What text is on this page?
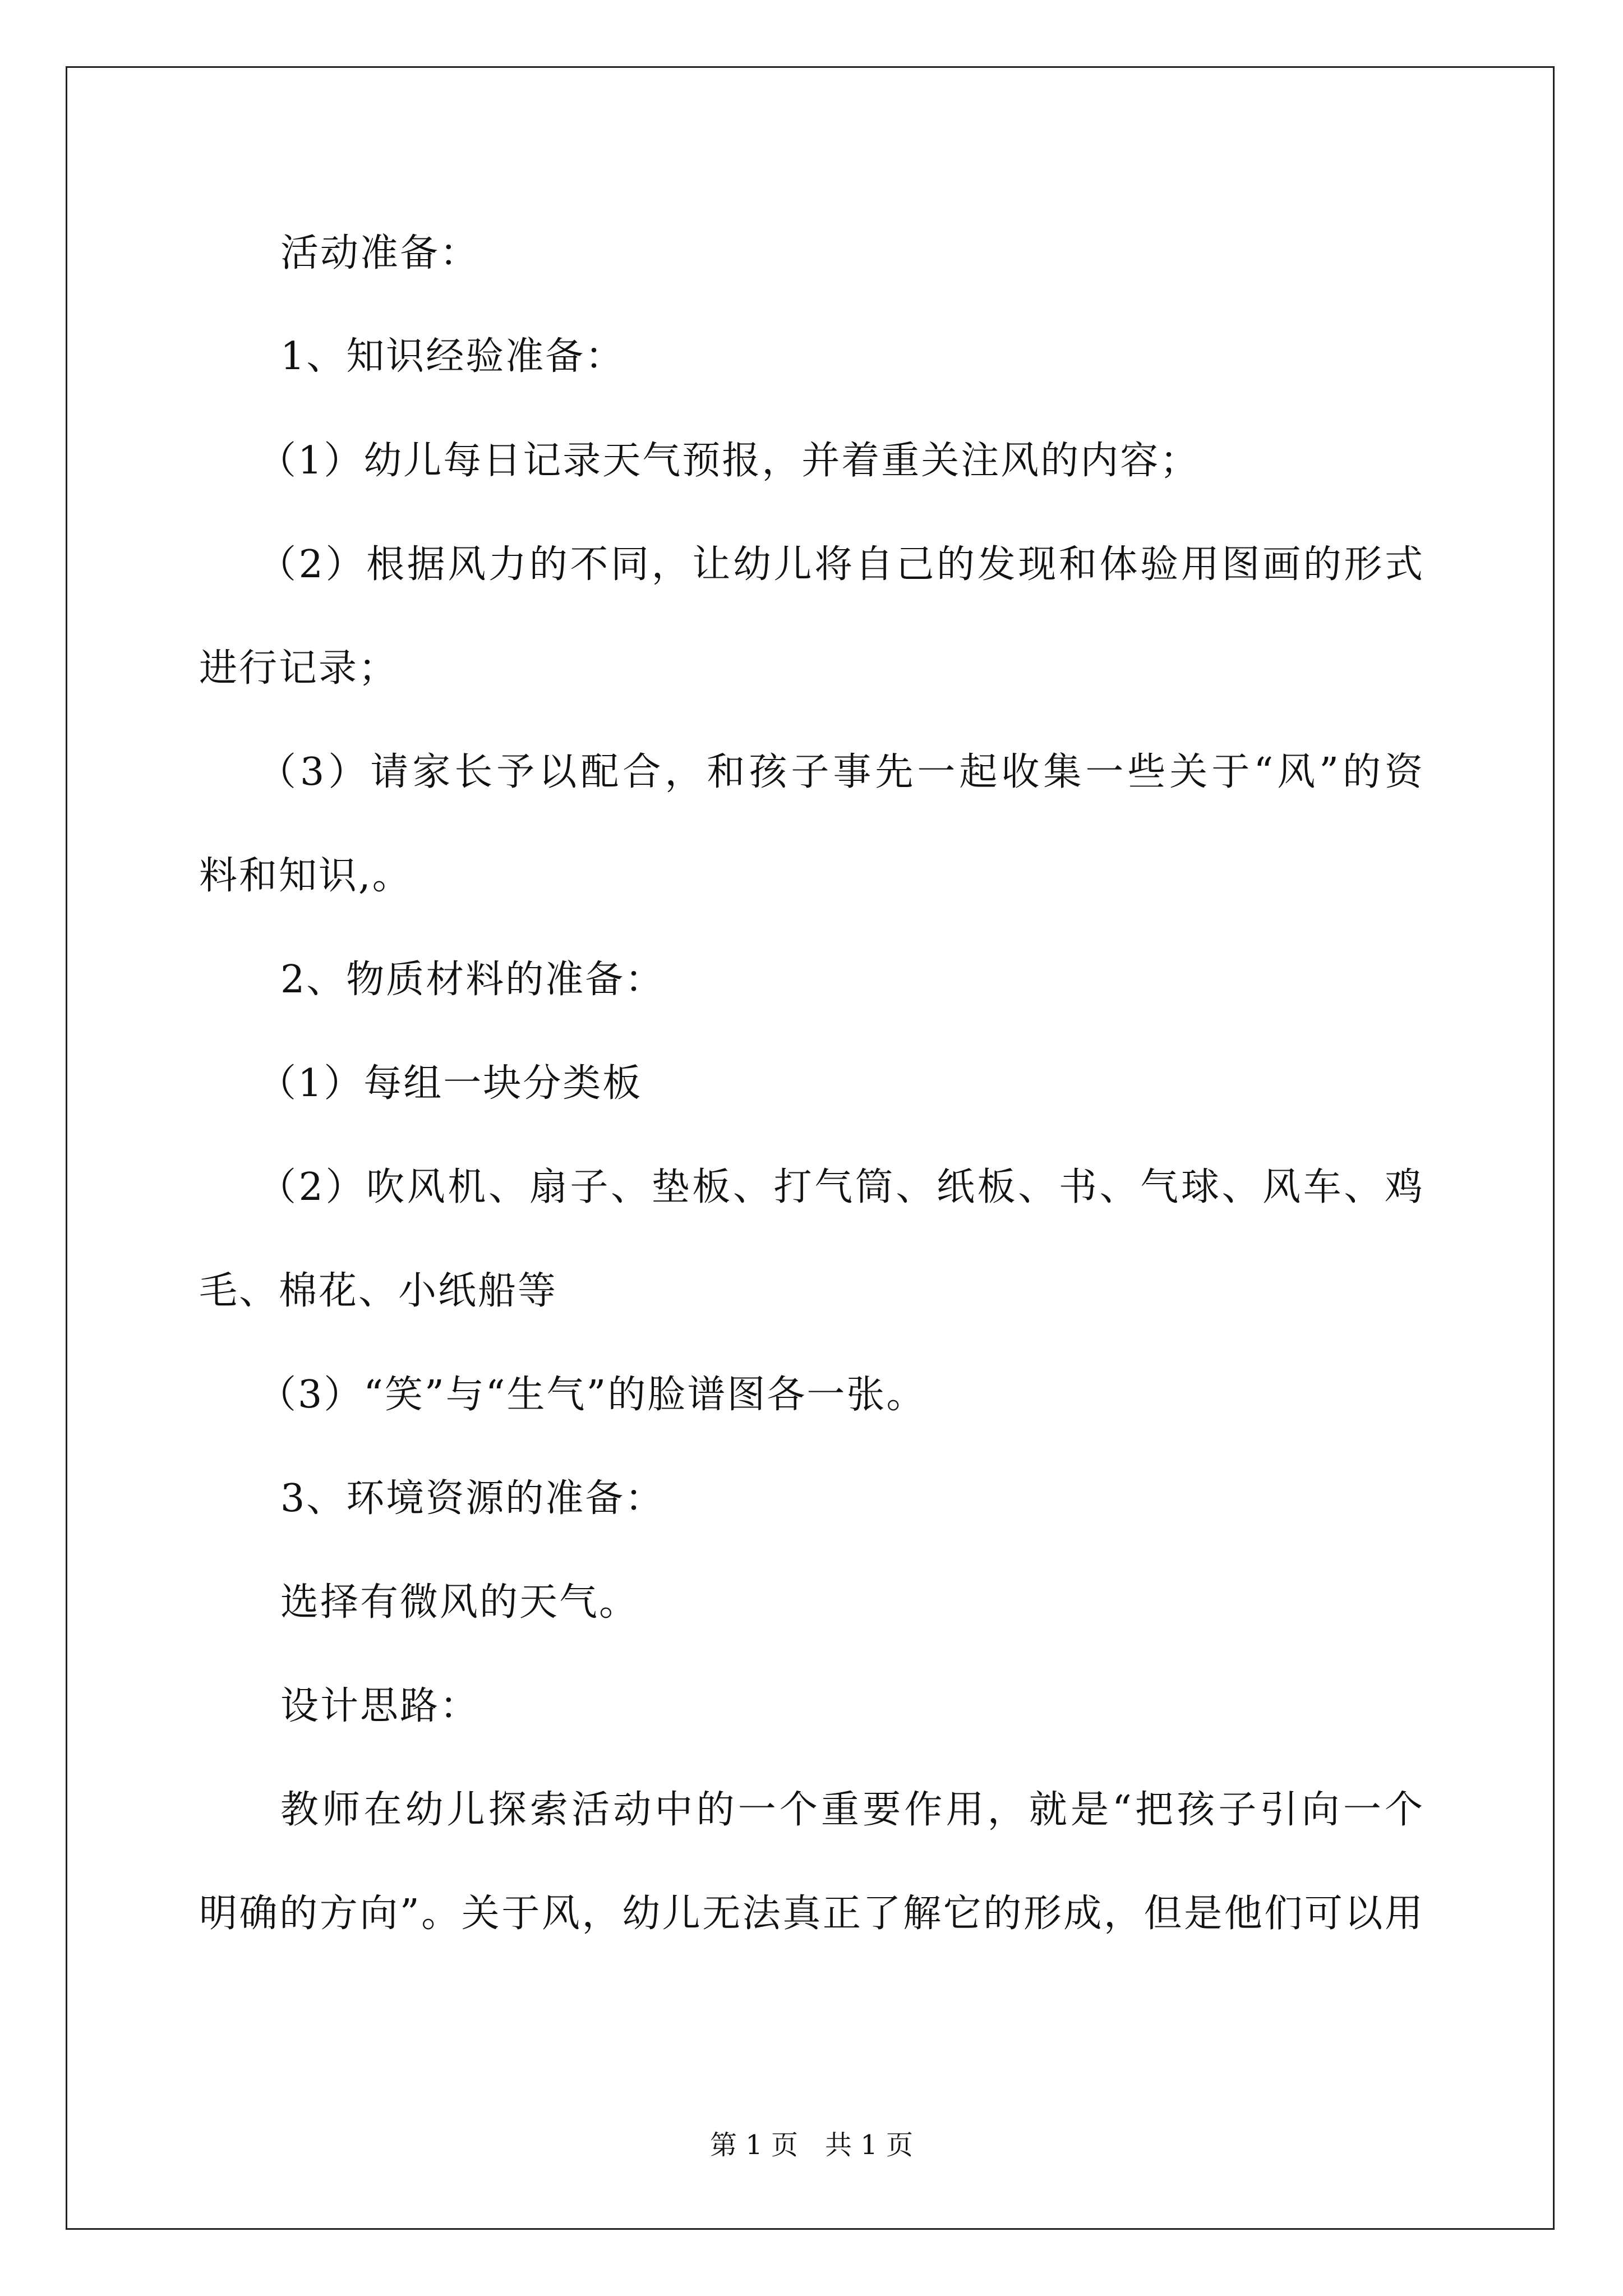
活动准备：
1、知识经验准备：
（1）幼儿每日记录天气预报，并着重关注风的内容；
（2）根据风力的不同，让幼儿将自己的发现和体验用图画的形式
进行记录；
（3）请家长予以配合，和孩子事先一起收集一些关于“风”的资
料和知识,。
2、物质材料的准备：
（1）每组一块分类板
（2）吹风机、扇子、垫板、打气筒、纸板、书、气球、风车、鸡
毛、棉花、小纸船等
（3）“笑”与“生气”的脸谱图各一张。
3、环境资源的准备：
选择有微风的天气。
设计思路：
教师在幼儿探索活动中的一个重要作用，就是“把孩子引向一个
明确的方向”。关于风，幼儿无法真正了解它的形成，但是他们可以用
第 1 页　共 1 页
